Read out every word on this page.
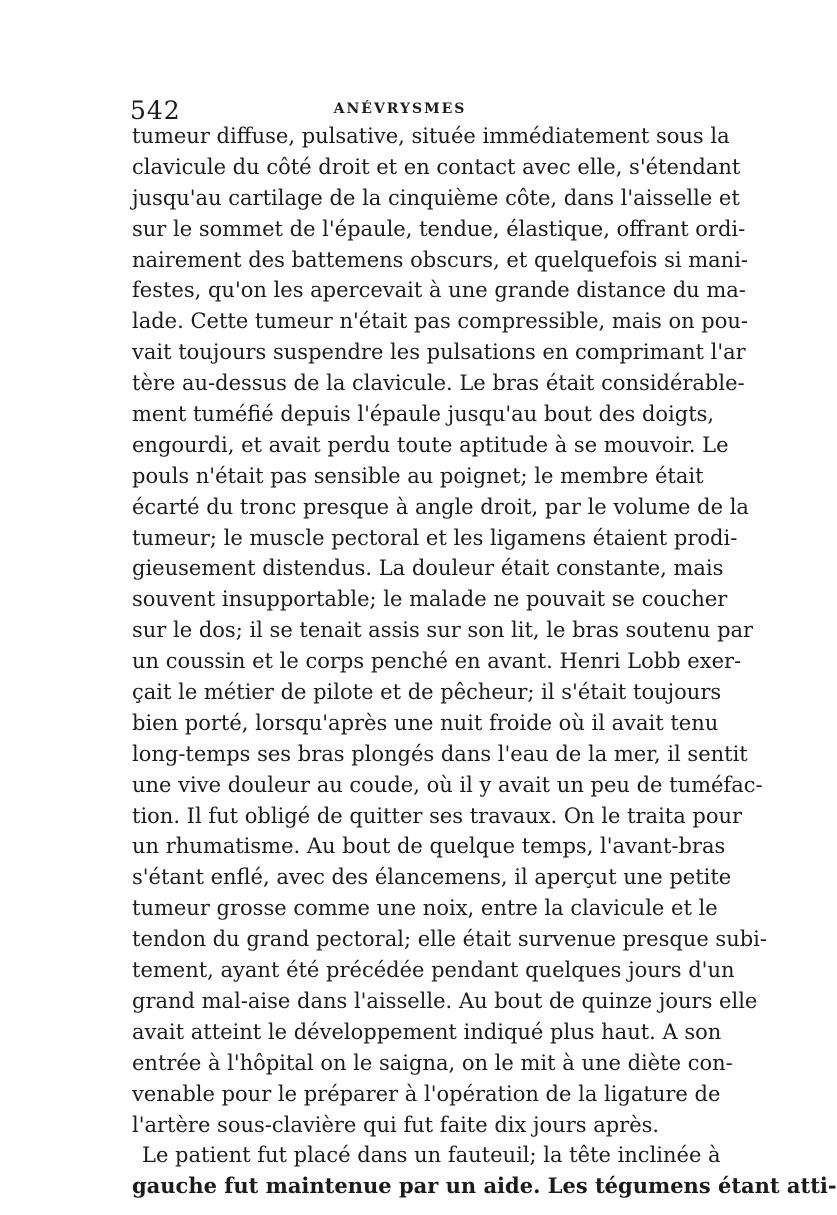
542	ANÉVRYSMES
tumeur diffuse, pulsative, située immédiatement sous la
clavicule du côté droit et en contact avec elle, s'étendant
jusqu'au cartilage de la cinquième côte, dans l'aisselle et
sur le sommet de l'épaule, tendue, élastique, offrant ordi-
nairement des battemens obscurs, et quelquefois si mani-
festes, qu'on les apercevait à une grande distance du ma-
lade. Cette tumeur n'était pas compressible, mais on pou-
vait toujours suspendre les pulsations en comprimant l'ar
tère au-dessus de la clavicule. Le bras était considérable-
ment tuméfié depuis l'épaule jusqu'au bout des doigts,
engourdi, et avait perdu toute aptitude à se mouvoir. Le
pouls n'était pas sensible au poignet; le membre était
écarté du tronc presque à angle droit, par le volume de la
tumeur; le muscle pectoral et les ligamens étaient prodi-
gieusement distendus. La douleur était constante, mais
souvent insupportable; le malade ne pouvait se coucher
sur le dos; il se tenait assis sur son lit, le bras soutenu par
un coussin et le corps penché en avant. Henri Lobb exer-
çait le métier de pilote et de pêcheur; il s'était toujours
bien porté, lorsqu'après une nuit froide où il avait tenu
long-temps ses bras plongés dans l'eau de la mer, il sentit
une vive douleur au coude, où il y avait un peu de tuméfac-
tion. Il fut obligé de quitter ses travaux. On le traita pour
un rhumatisme. Au bout de quelque temps, l'avant-bras
s'étant enflé, avec des élancemens, il aperçut une petite
tumeur grosse comme une noix, entre la clavicule et le
tendon du grand pectoral; elle était survenue presque subi-
tement, ayant été précédée pendant quelques jours d'un
grand mal-aise dans l'aisselle. Au bout de quinze jours elle
avait atteint le développement indiqué plus haut. A son
entrée à l'hôpital on le saigna, on le mit à une diète con-
venable pour le préparer à l'opération de la ligature de
l'artère sous-clavière qui fut faite dix jours après.
Le patient fut placé dans un fauteuil; la tête inclinée à
gauche fut maintenue par un aide. Les tégumens étant atti-
